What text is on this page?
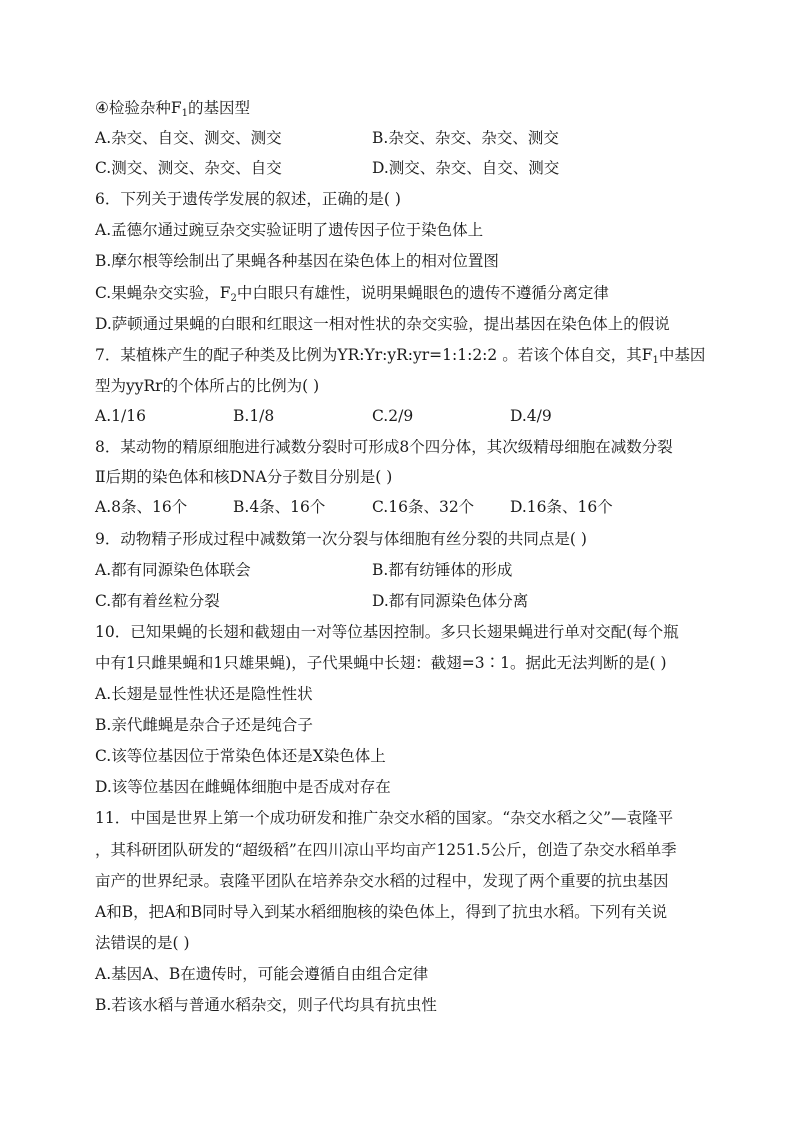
④检验杂种$F_1$的基因型
A.杂交、自交、测交、测交	B.杂交、杂交、杂交、测交
C.测交、测交、杂交、自交	D.测交、杂交、自交、测交
6．下列关于遗传学发展的叙述，正确的是( )
A.孟德尔通过豌豆杂交实验证明了遗传因子位于染色体上
B.摩尔根等绘制出了果蝇各种基因在染色体上的相对位置图
C.果蝇杂交实验，$F_2$中白眼只有雄性，说明果蝇眼色的遗传不遵循分离定律
D.萨顿通过果蝇的白眼和红眼这一相对性状的杂交实验，提出基因在染色体上的假说
7．某植株产生的配子种类及比例为YR:Yr:yR:yr=1:1:2:2 。若该个体自交，其$F_1$中基因
型为yyRr的个体所占的比例为( )
A.1/16	B.1/8	C.2/9	D.4/9
8．某动物的精原细胞进行减数分裂时可形成8个四分体，其次级精母细胞在减数分裂
Ⅱ后期的染色体和核DNA分子数目分别是( )
A.8条、16个	B.4条、16个	C.16条、32个 D.16条、16个
9．动物精子形成过程中减数第一次分裂与体细胞有丝分裂的共同点是( )
A.都有同源染色体联会	B.都有纺锤体的形成
C.都有着丝粒分裂	D.都有同源染色体分离
10．已知果蝇的长翅和截翅由一对等位基因控制。多只长翅果蝇进行单对交配(每个瓶
中有1只雌果蝇和1只雄果蝇)，子代果蝇中长翅：截翅=3∶1。据此无法判断的是( )
A.长翅是显性性状还是隐性性状
B.亲代雌蝇是杂合子还是纯合子
C.该等位基因位于常染色体还是X染色体上
D.该等位基因在雌蝇体细胞中是否成对存在
11．中国是世界上第一个成功研发和推广杂交水稻的国家。“杂交水稻之父”—袁隆平
，其科研团队研发的“超级稻”在四川凉山平均亩产1251.5公斤，创造了杂交水稻单季
亩产的世界纪录。袁隆平团队在培养杂交水稻的过程中，发现了两个重要的抗虫基因
A和B，把A和B同时导入到某水稻细胞核的染色体上，得到了抗虫水稻。下列有关说
法错误的是( )
A.基因A、B在遗传时，可能会遵循自由组合定律
B.若该水稻与普通水稻杂交，则子代均具有抗虫性
